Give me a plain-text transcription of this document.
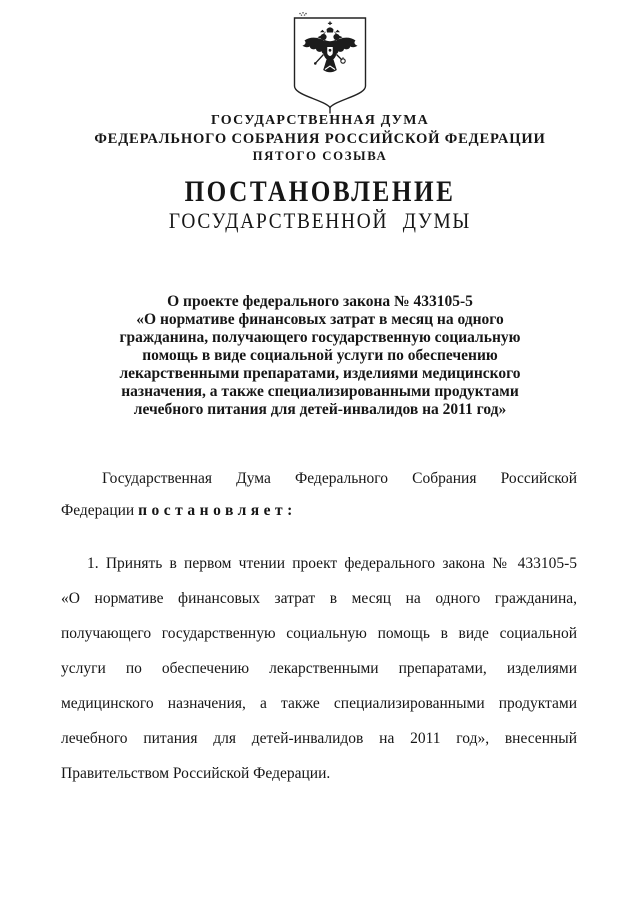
ГОСУДАРСТВЕННАЯ ДУМА
ФЕДЕРАЛЬНОГО СОБРАНИЯ РОССИЙСКОЙ ФЕДЕРАЦИИ
ПЯТОГО СОЗЫВА
ПОСТАНОВЛЕНИЕ
ГОСУДАРСТВЕННОЙ ДУМЫ
О проекте федерального закона № 433105-5
«О нормативе финансовых затрат в месяц на одного
гражданина, получающего государственную социальную
помощь в виде социальной услуги по обеспечению
лекарственными препаратами, изделиями медицинского
назначения, а также специализированными продуктами
лечебного питания для детей-инвалидов на 2011 год»
Государственная Дума Федерального Собрания Российской
Федерации постановляет:
1. Принять в первом чтении проект федерального закона № 433105-5
«О нормативе финансовых затрат в месяц на одного гражданина,
получающего государственную социальную помощь в виде социальной
услуги по обеспечению лекарственными препаратами, изделиями
медицинского назначения, а также специализированными продуктами
лечебного питания для детей-инвалидов на 2011 год», внесенный
Правительством Российской Федерации.
